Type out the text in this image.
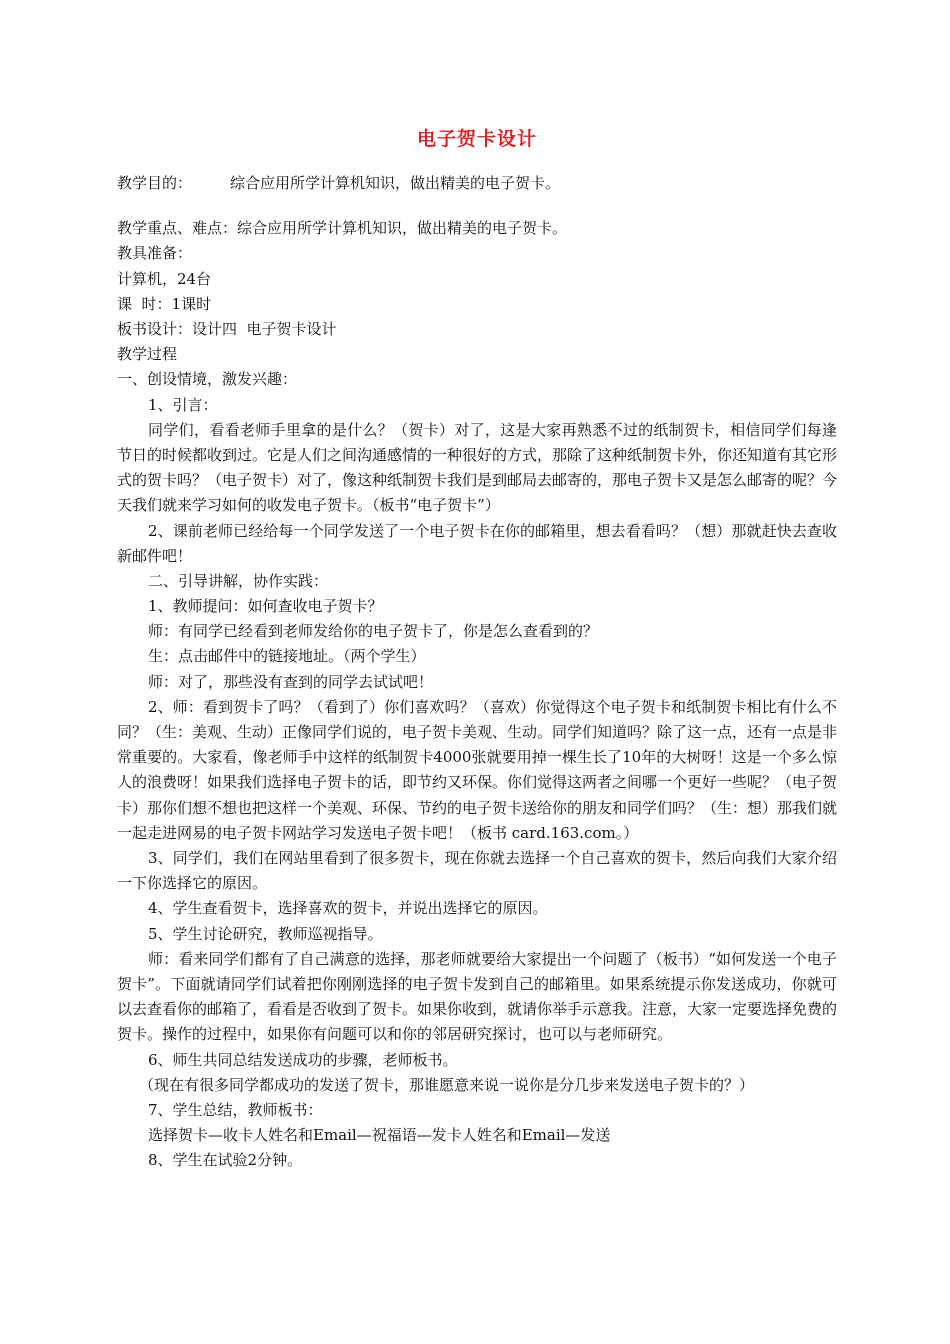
电子贺卡设计
教学目的：	综合应用所学计算机知识，做出精美的电子贺卡。
教学重点、难点：综合应用所学计算机知识，做出精美的电子贺卡。
教具准备：
计算机，24台
课  时：1课时
板书设计：设计四  电子贺卡设计
教学过程
一、创设情境，激发兴趣：
1、引言：

同学们，看看老师手里拿的是什么？（贺卡）对了，这是大家再熟悉不过的纸制贺卡，相信同学们每逢节日的时候都收到过。它是人们之间沟通感情的一种很好的方式，那除了这种纸制贺卡外，你还知道有其它形式的贺卡吗？（电子贺卡）对了，像这种纸制贺卡我们是到邮局去邮寄的，那电子贺卡又是怎么邮寄的呢？今天我们就来学习如何的收发电子贺卡。（板书“电子贺卡”）

2、课前老师已经给每一个同学发送了一个电子贺卡在你的邮箱里，想去看看吗？（想）那就赶快去查收新邮件吧！

二、引导讲解，协作实践：
1、教师提问：如何查收电子贺卡？
师：有同学已经看到老师发给你的电子贺卡了，你是怎么查看到的？
生：点击邮件中的链接地址。（两个学生）
师：对了，那些没有查到的同学去试试吧！

2、师：看到贺卡了吗？（看到了）你们喜欢吗？（喜欢）你觉得这个电子贺卡和纸制贺卡相比有什么不同？（生：美观、生动）正像同学们说的，电子贺卡美观、生动。同学们知道吗？除了这一点，还有一点是非常重要的。大家看，像老师手中这样的纸制贺卡4000张就要用掉一棵生长了10年的大树呀！这是一个多么惊人的浪费呀！如果我们选择电子贺卡的话，即节约又环保。你们觉得这两者之间哪一个更好一些呢？（电子贺卡）那你们想不想也把这样一个美观、环保、节约的电子贺卡送给你的朋友和同学们吗？（生：想）那我们就一起走进网易的电子贺卡网站学习发送电子贺卡吧！（板书 card.163.com。）

3、同学们，我们在网站里看到了很多贺卡，现在你就去选择一个自己喜欢的贺卡，然后向我们大家介绍一下你选择它的原因。

4、学生查看贺卡，选择喜欢的贺卡，并说出选择它的原因。
5、学生讨论研究，教师巡视指导。

师：看来同学们都有了自己满意的选择，那老师就要给大家提出一个问题了（板书）“如何发送一个电子贺卡”。下面就请同学们试着把你刚刚选择的电子贺卡发到自己的邮箱里。如果系统提示你发送成功，你就可以去查看你的邮箱了，看看是否收到了贺卡。如果你收到，就请你举手示意我。注意，大家一定要选择免费的贺卡。操作的过程中，如果你有问题可以和你的邻居研究探讨，也可以与老师研究。

6、师生共同总结发送成功的步骤，老师板书。
（现在有很多同学都成功的发送了贺卡，那谁愿意来说一说你是分几步来发送电子贺卡的？）
7、学生总结，教师板书：
选择贺卡—收卡人姓名和Email—祝福语—发卡人姓名和Email—发送
8、学生在试验2分钟。
